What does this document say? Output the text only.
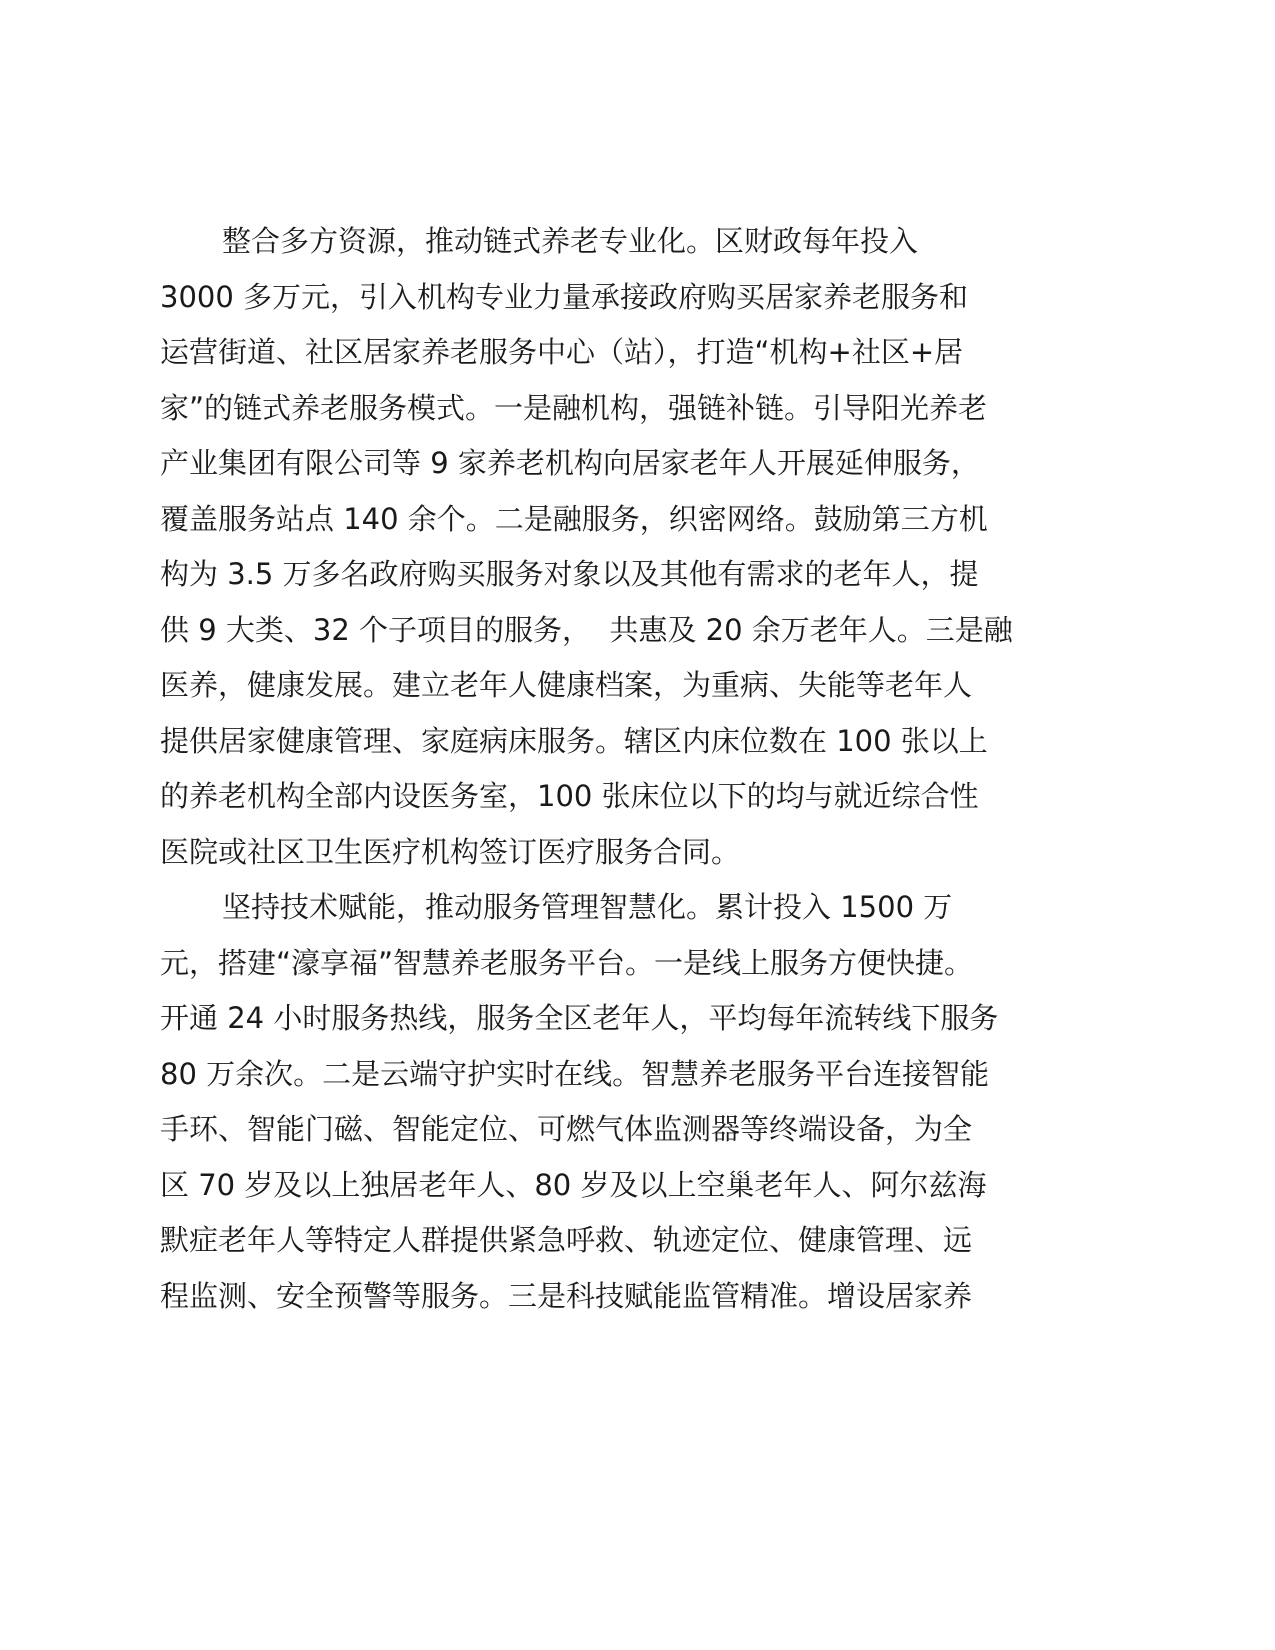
整合多方资源，推动链式养老专业化。区财政每年投入
3000 多万元，引入机构专业力量承接政府购买居家养老服务和
运营街道、社区居家养老服务中心（站），打造“机构+社区+居
家”的链式养老服务模式。一是融机构，强链补链。引导阳光养老
产业集团有限公司等 9 家养老机构向居家老年人开展延伸服务，
覆盖服务站点 140 余个。二是融服务，织密网络。鼓励第三方机
构为 3.5 万多名政府购买服务对象以及其他有需求的老年人，提
供 9 大类、32 个子项目的服务，  共惠及 20 余万老年人。三是融
医养，健康发展。建立老年人健康档案，为重病、失能等老年人
提供居家健康管理、家庭病床服务。辖区内床位数在 100 张以上
的养老机构全部内设医务室，100 张床位以下的均与就近综合性
医院或社区卫生医疗机构签订医疗服务合同。
坚持技术赋能，推动服务管理智慧化。累计投入 1500 万
元，搭建“濠享福”智慧养老服务平台。一是线上服务方便快捷。
开通 24 小时服务热线，服务全区老年人，平均每年流转线下服务
80 万余次。二是云端守护实时在线。智慧养老服务平台连接智能
手环、智能门磁、智能定位、可燃气体监测器等终端设备，为全
区 70 岁及以上独居老年人、80 岁及以上空巢老年人、阿尔兹海
默症老年人等特定人群提供紧急呼救、轨迹定位、健康管理、远
程监测、安全预警等服务。三是科技赋能监管精准。增设居家养
